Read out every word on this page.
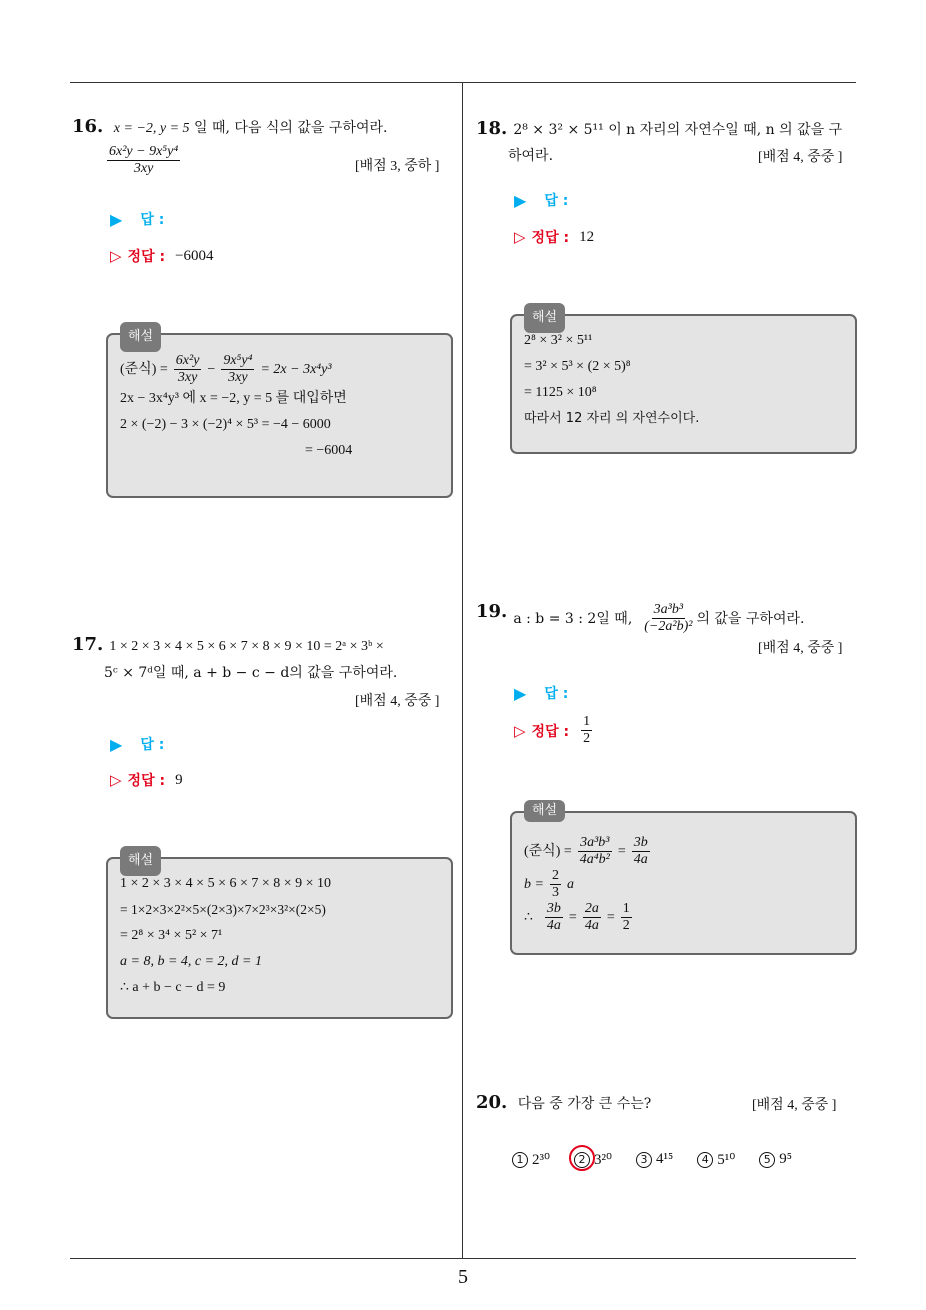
16. x = −2, y = 5 일 때, 다음 식의 값을 구하여라.
$\frac{\text{6x²y − 9x⁵y⁴}}{3xy}$	[배점 3, 중하 ]
▶ 답 :
▷ 정답 : −6004
해설
(준식) = $\frac{\text{6x²y}}{3xy} - \frac{\text{9x⁵y⁴}}{3xy} = 2x - 3x^4y^3$
2x − 3x⁴y³ 에 x = −2, y = 5 를 대입하면
2 × (−2) − 3 × (−2)⁴ × 5³ = −4 − 6000
= −6004
17. 1 × 2 × 3 × 4 × 5 × 6 × 7 × 8 × 9 × 10 = 2ᵃ × 3ᵇ ×
5ᶜ × 7ᵈ일 때, a + b − c − d의 값을 구하여라.
[배점 4, 중중 ]
▶ 답 :
▷ 정답 : 9
해설
1 × 2 × 3 × 4 × 5 × 6 × 7 × 8 × 9 × 10
= 1×2×3×2²×5×(2×3)×7×2³×3²×(2×5)
= 2⁸ × 3⁴ × 5² × 7¹
a = 8, b = 4, c = 2, d = 1
∴ a + b − c − d = 9
18. 2⁸ × 3² × 5¹¹ 이 n 자리의 자연수일 때, n 의 값을 구
하여라.	[배점 4, 중중 ]
▶ 답 :
▷ 정답 : 12
해설
2⁸ × 3² × 5¹¹
= 3² × 5³ × (2 × 5)⁸
= 1125 × 10⁸
따라서 12 자리 의 자연수이다.
19. a : b = 3 : 2일 때, $\frac{\text{3a³b³}}{\text{(−2a²b)²}}$ 의 값을 구하여라.
[배점 4, 중중 ]
▶ 답 :
▷ 정답 : $\frac{1}{2}$
해설
(준식) = $\frac{\text{3a³b³}}{\text{4a⁴b²}} = \frac{3b}{4a}$
$b = \frac{2}{3}$ a
∴ $\frac{3b}{4a} = \frac{2a}{4a} = \frac{1}{2}$
20. 다음 중 가장 큰 수는?	[배점 4, 중중 ]
1 2³⁰	2 3²⁰	3 4¹⁵	4 5¹⁰	5 9⁵
5
